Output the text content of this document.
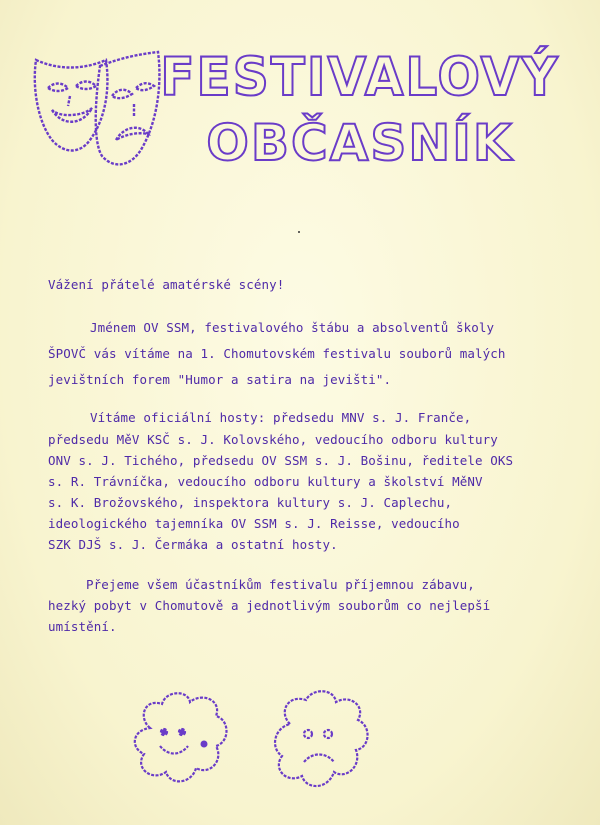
FESTIVALOVÝ
OBČASNÍK
Vážení přátelé amatérské scény!
Jménem OV SSM, festivalového štábu a absolventů školy
ŠPOVČ vás vítáme na 1. Chomutovském festivalu souborů malých
jevištních forem "Humor a satira na jevišti".
Vítáme oficiální hosty: předsedu MNV s. J. Franče,
předsedu MěV KSČ s. J. Kolovského, vedoucího odboru kultury
ONV s. J. Tichého, předsedu OV SSM s. J. Bošinu, ředitele OKS
s. R. Trávníčka, vedoucího odboru kultury a školství MěNV
s. K. Brožovského, inspektora kultury s. J. Caplechu,
ideologického tajemníka OV SSM s. J. Reisse, vedoucího
SZK DJŠ s. J. Čermáka a ostatní hosty.
Přejeme všem účastníkům festivalu příjemnou zábavu,
hezký pobyt v Chomutově a jednotlivým souborům co nejlepší
umístění.
